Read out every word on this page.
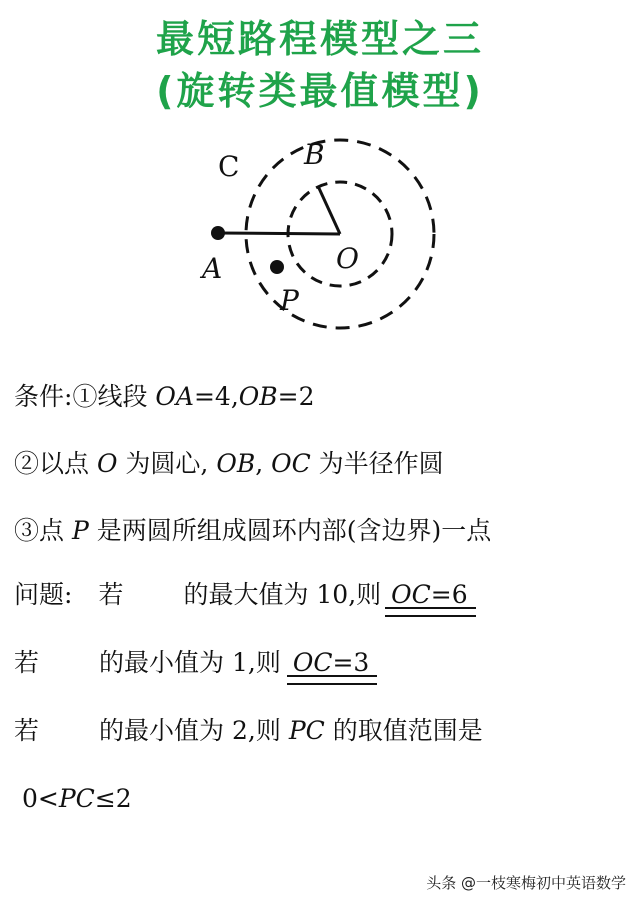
最短路程模型之三
(旋转类最值模型)
C B
A	O
P
条件:①线段 OA=4,OB=2
②以点 O 为圆心, OB, OC 为半径作圆
③点 P 是两圆所组成圆环内部(含边界)一点
问题: 若 的最大值为 10,则 OC=6
若 的最小值为 1,则 OC=3
若 的最小值为 2,则 PC 的取值范围是
0<PC≤2
头条 @一枝寒梅初中英语数学
